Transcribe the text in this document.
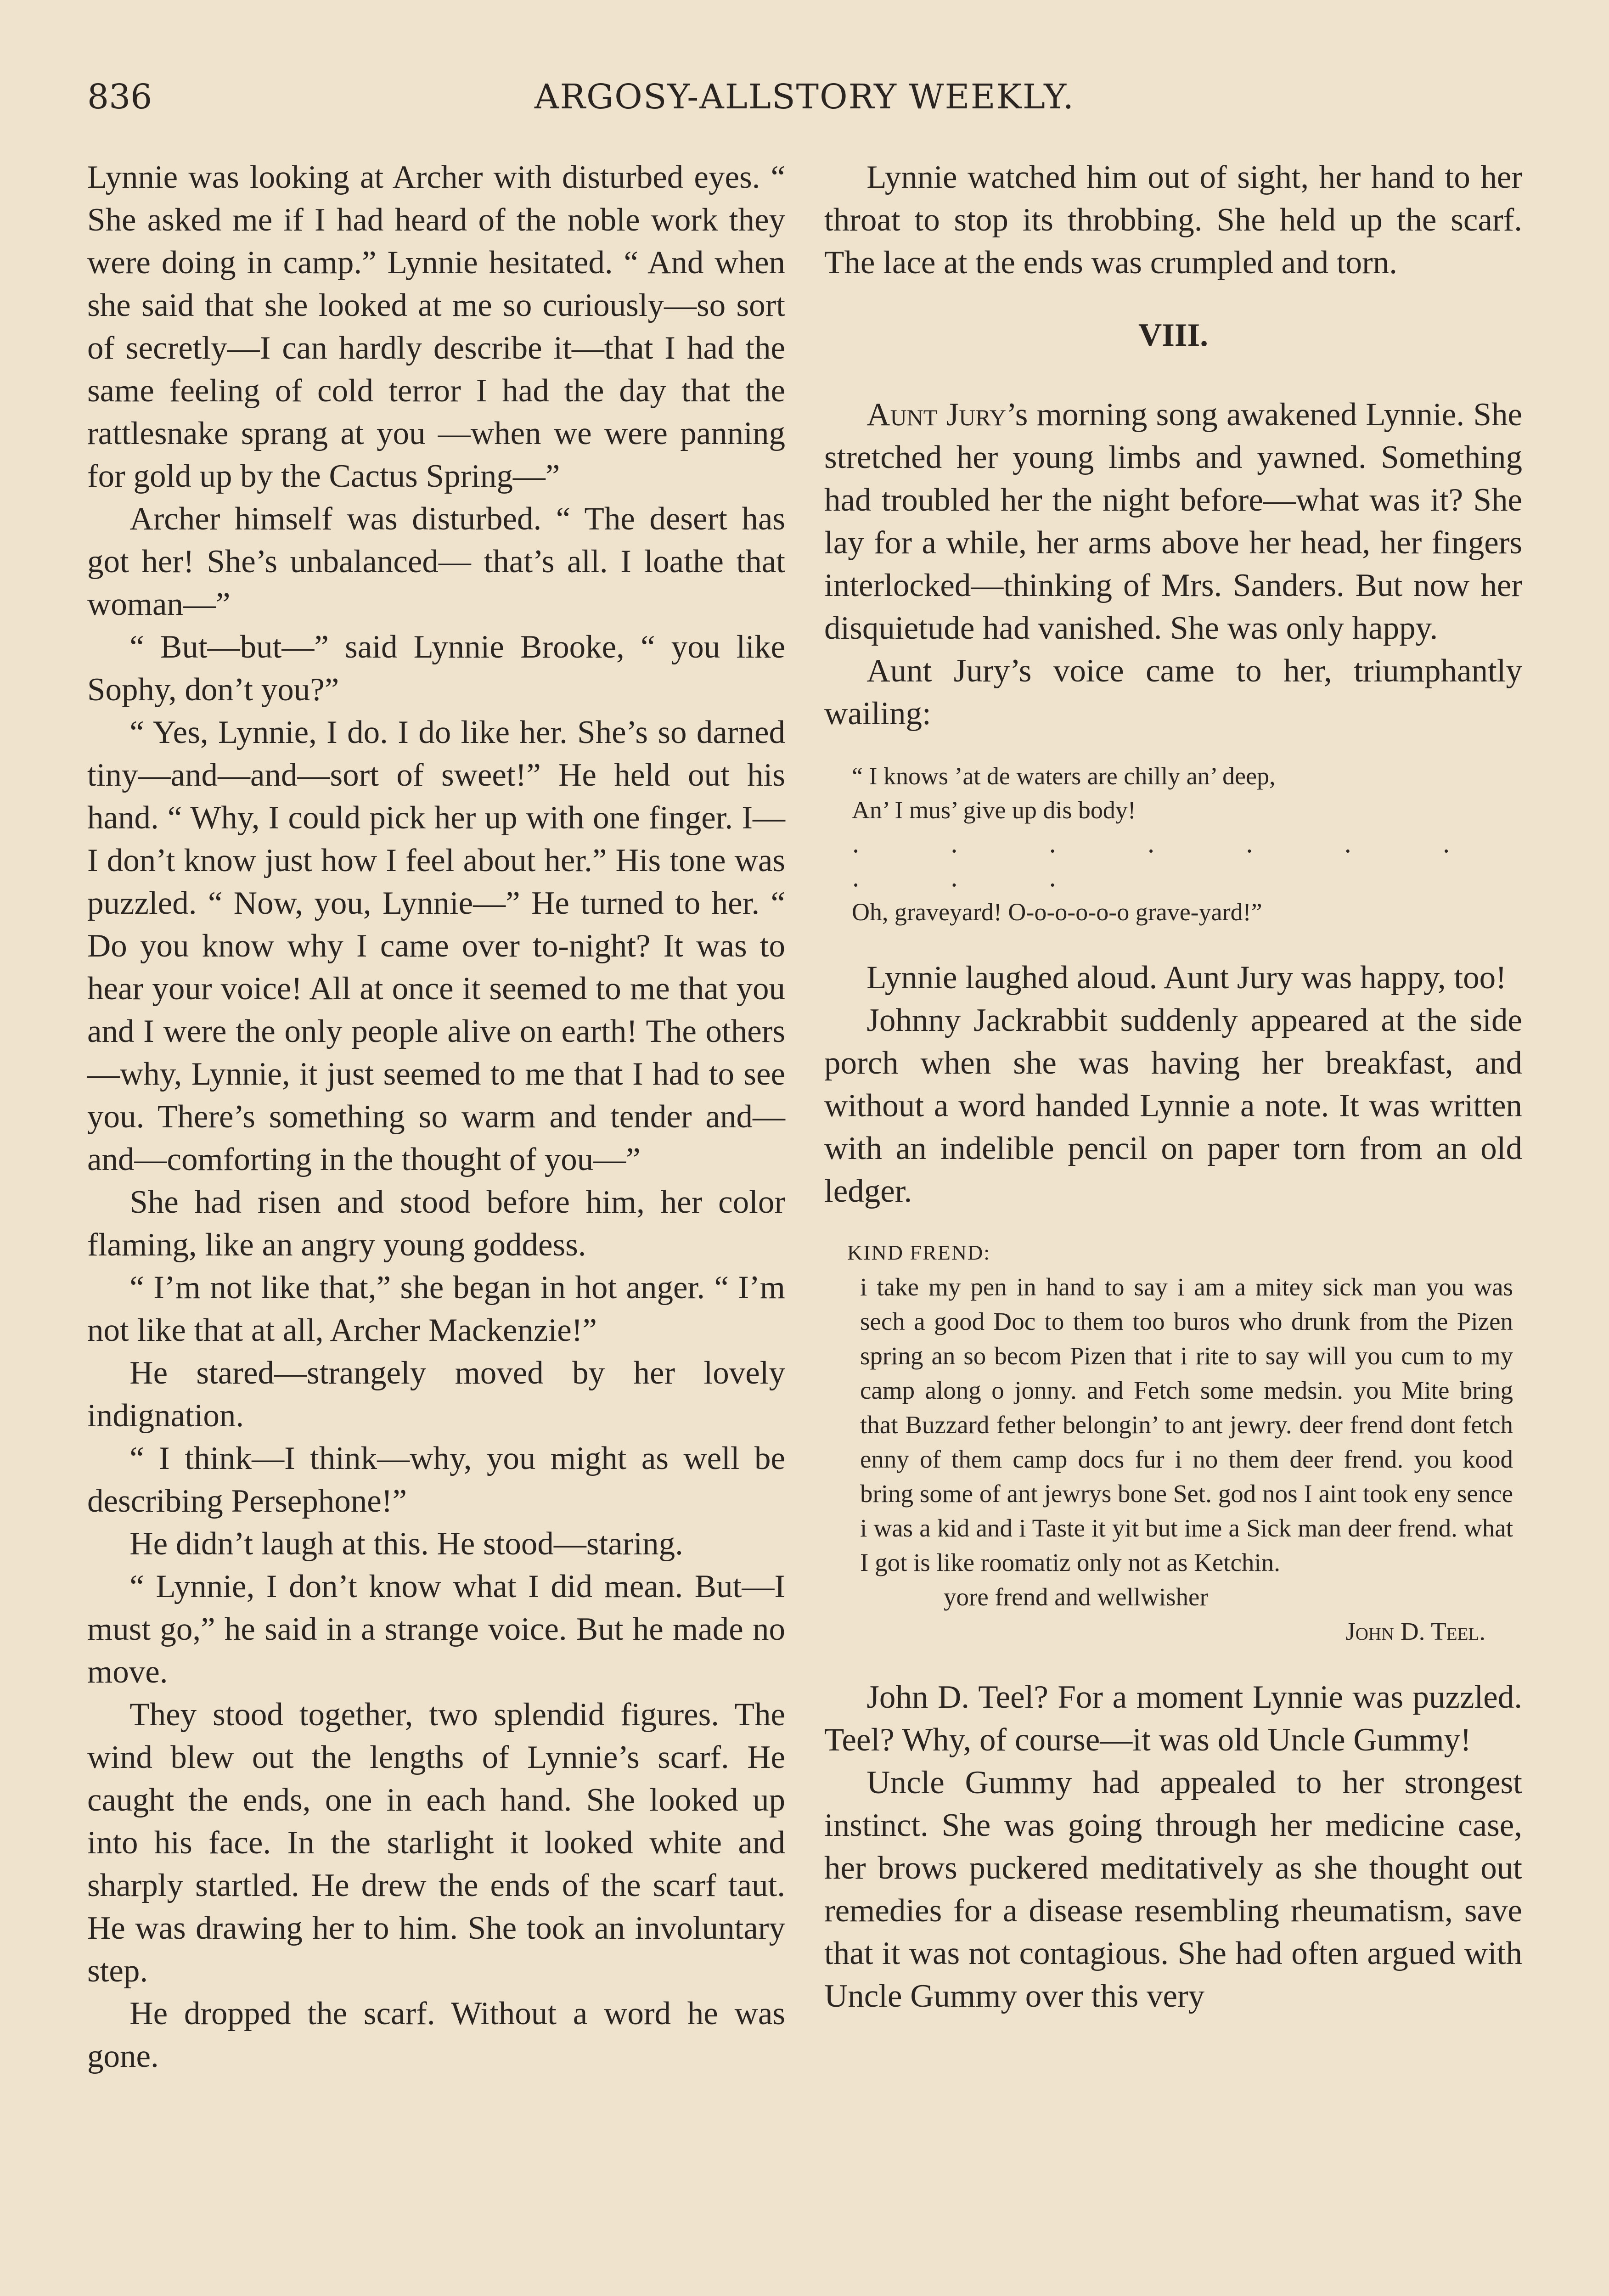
836	ARGOSY-ALLSTORY WEEKLY.

Lynnie was looking at Archer with disturbed eyes. “ She asked me if I had heard of the noble work they were doing in camp.” Lynnie hesitated. “ And when she said that she looked at me so curiously—so sort of secretly—I can hardly describe it—that I had the same feeling of cold terror I had the day that the rattlesnake sprang at you —when we were panning for gold up by the Cactus Spring—”

Archer himself was disturbed. “ The desert has got her! She’s unbalanced— that’s all. I loathe that woman—”

“ But—but—” said Lynnie Brooke, “ you like Sophy, don’t you?”

“ Yes, Lynnie, I do. I do like her. She’s so darned tiny—and—and—sort of sweet!” He held out his hand. “ Why, I could pick her up with one finger. I—I don’t know just how I feel about her.” His tone was puzzled. “ Now, you, Lynnie—” He turned to her. “ Do you know why I came over to-night? It was to hear your voice! All at once it seemed to me that you and I were the only people alive on earth! The others—why, Lynnie, it just seemed to me that I had to see you. There’s something so warm and tender and—and—comforting in the thought of you—”

She had risen and stood before him, her color flaming, like an angry young goddess.

“ I’m not like that,” she began in hot anger. “ I’m not like that at all, Archer Mackenzie!”

He stared—strangely moved by her lovely indignation.

“ I think—I think—why, you might as well be describing Persephone!”

He didn’t laugh at this. He stood—staring.

“ Lynnie, I don’t know what I did mean. But—I must go,” he said in a strange voice. But he made no move.

They stood together, two splendid figures. The wind blew out the lengths of Lynnie’s scarf. He caught the ends, one in each hand. She looked up into his face. In the starlight it looked white and sharply startled. He drew the ends of the scarf taut. He was drawing her to him. She took an involuntary step.

He dropped the scarf. Without a word he was gone.

Lynnie watched him out of sight, her hand to her throat to stop its throbbing. She held up the scarf. The lace at the ends was crumpled and torn.

VIII.

Aunt Jury’s morning song awakened Lynnie. She stretched her young limbs and yawned. Something had troubled her the night before—what was it? She lay for a while, her arms above her head, her fingers interlocked—thinking of Mrs. Sanders. But now her disquietude had vanished. She was only happy.

Aunt Jury’s voice came to her, triumphantly wailing:

“ I knows ’at de waters are chilly an’ deep,
An’ I mus’ give up dis body!
. . . . . . . . . .
Oh, graveyard! O-o-o-o-o-o grave-yard!”

Lynnie laughed aloud. Aunt Jury was happy, too!

Johnny Jackrabbit suddenly appeared at the side porch when she was having her breakfast, and without a word handed Lynnie a note. It was written with an indelible pencil on paper torn from an old ledger.

KIND FREND:
i take my pen in hand to say i am a mitey sick man you was sech a good Doc to them too buros who drunk from the Pizen spring an so becom Pizen that i rite to say will you cum to my camp along o jonny. and Fetch some medsin. you Mite bring that Buzzard fether belongin’ to ant jewry. deer frend dont fetch enny of them camp docs fur i no them deer frend. you kood bring some of ant jewrys bone Set. god nos I aint took eny sence i was a kid and i Taste it yit but ime a Sick man deer frend. what I got is like roomatiz only not as Ketchin.
yore frend and wellwisher
John D. Teel.

John D. Teel? For a moment Lynnie was puzzled. Teel? Why, of course—it was old Uncle Gummy!

Uncle Gummy had appealed to her strongest instinct. She was going through her medicine case, her brows puckered meditatively as she thought out remedies for a disease resembling rheumatism, save that it was not contagious. She had often argued with Uncle Gummy over this very
